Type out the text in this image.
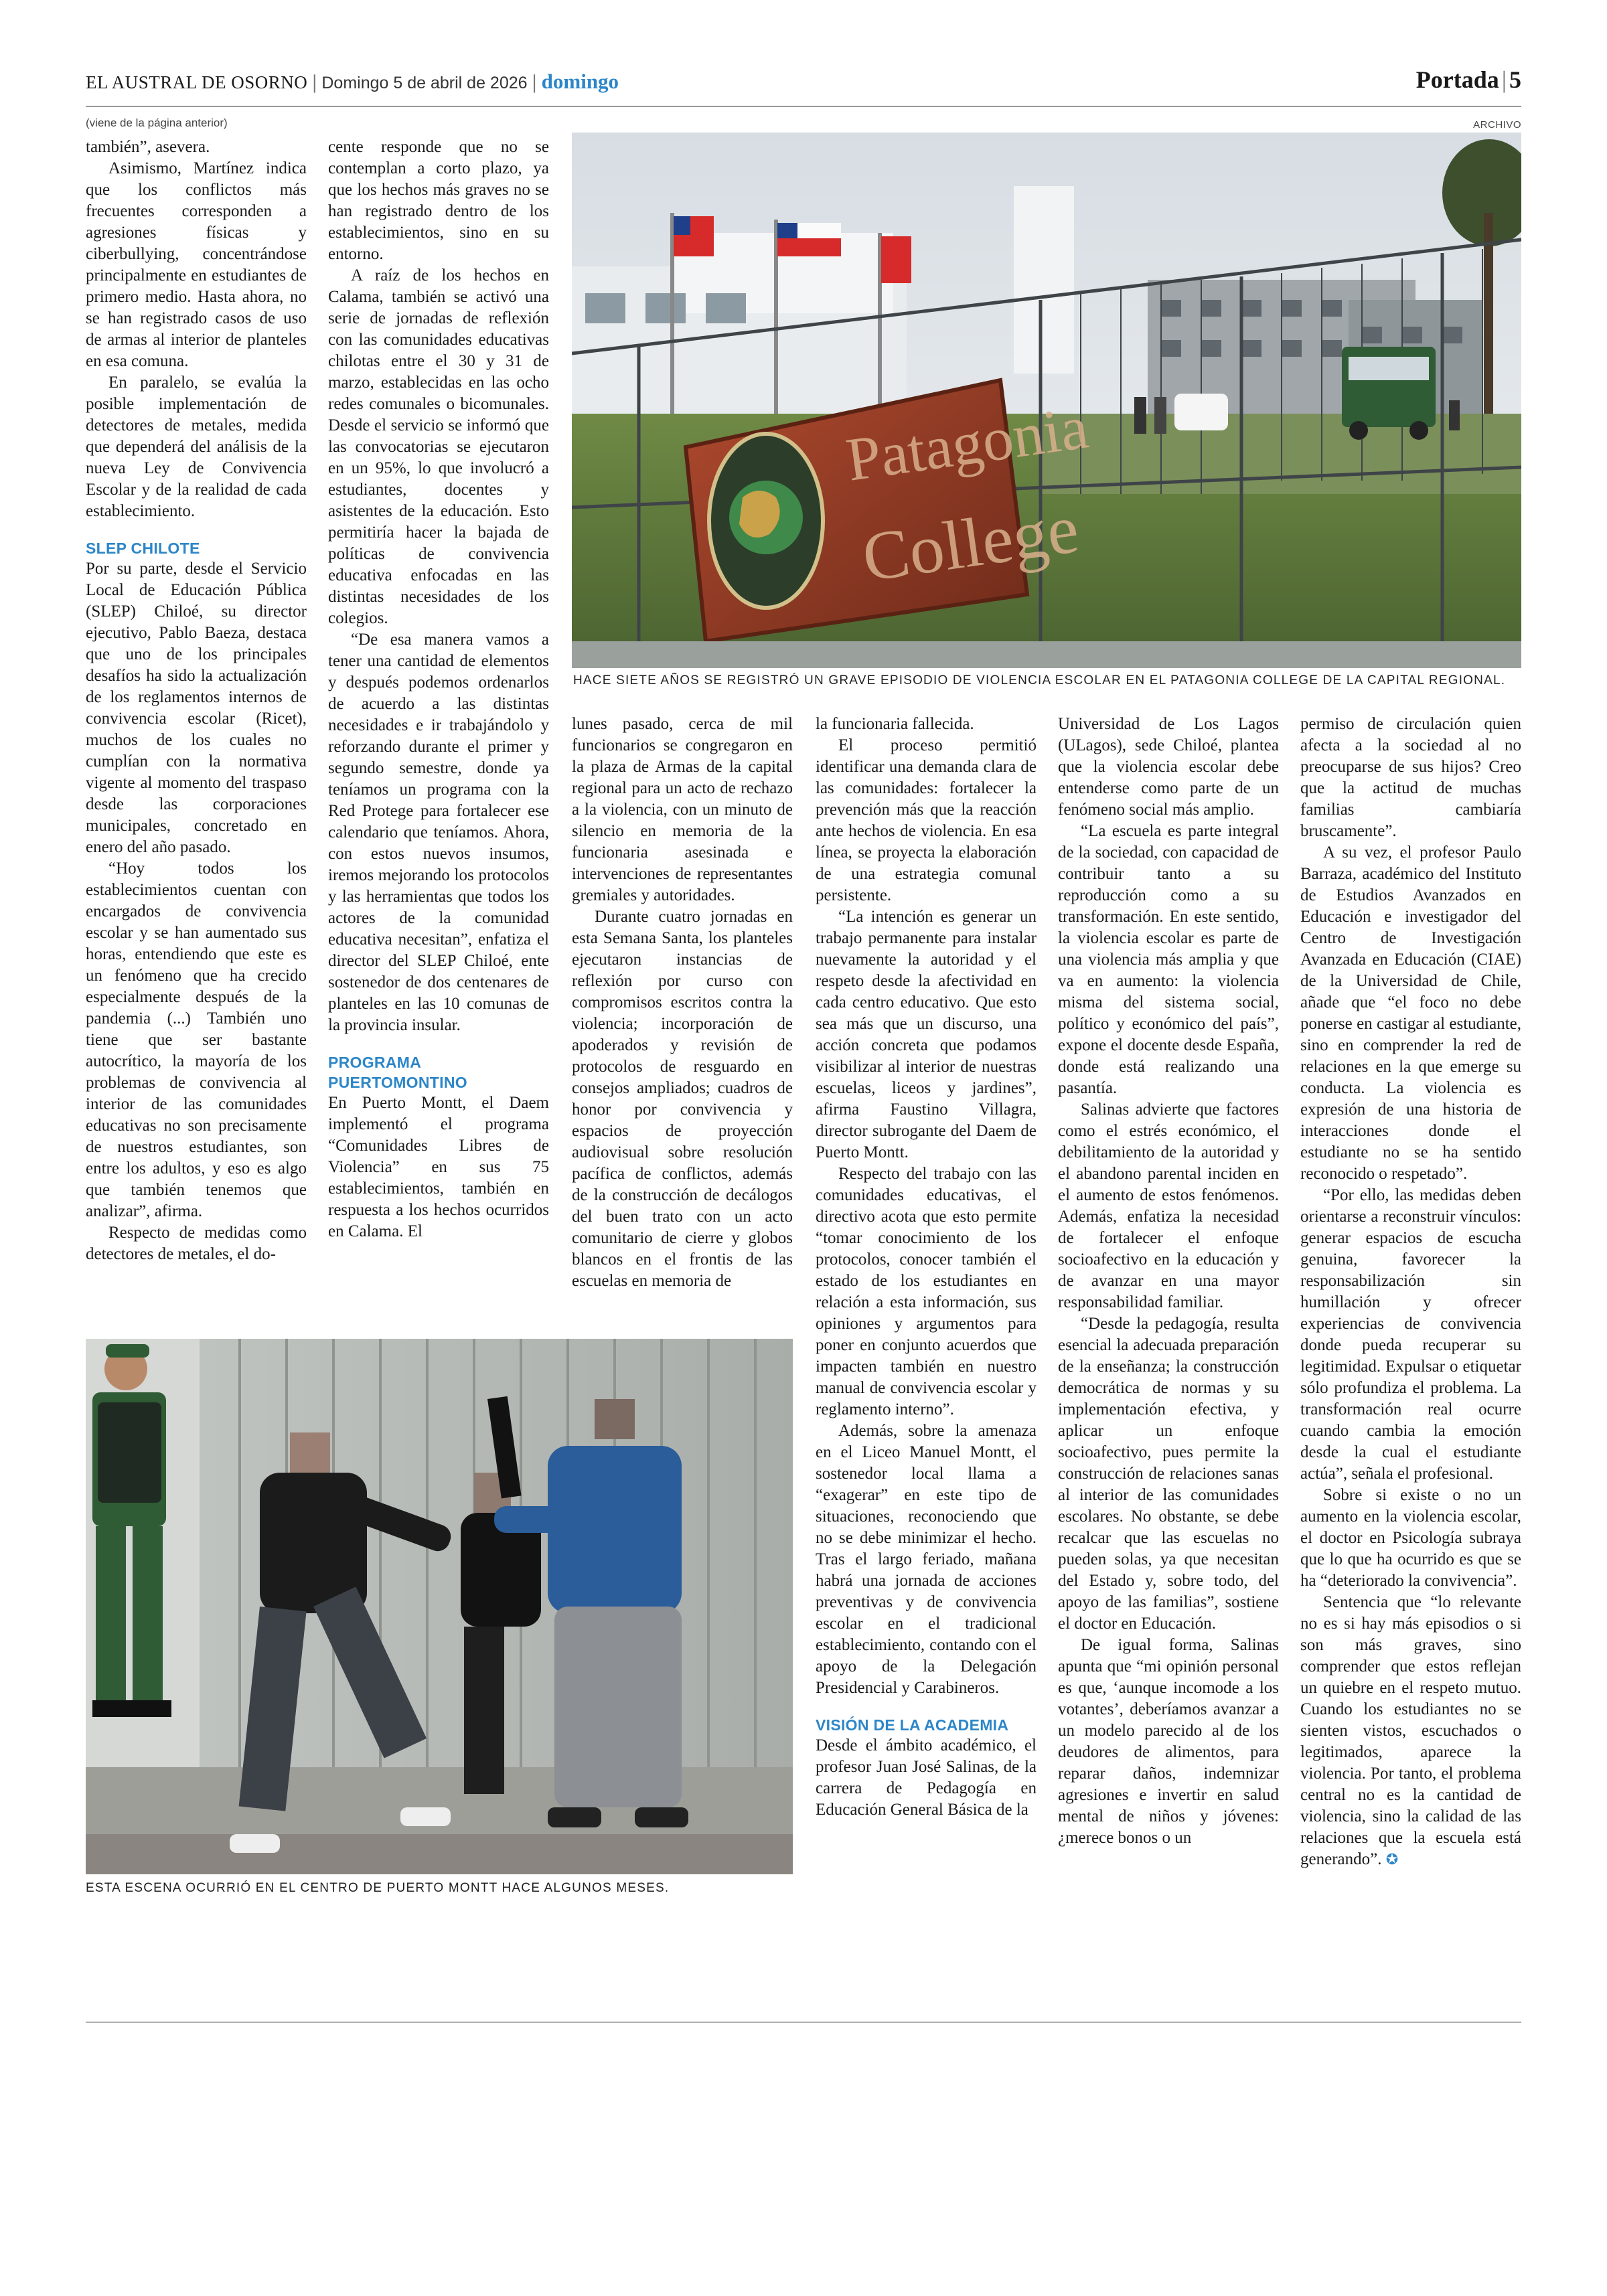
EL AUSTRAL DE OSORNO | Domingo 5 de abril de 2026 | domingo	Portada | 5
(viene de la página anterior)	ARCHIVO
Patagonia
College
HACE SIETE AÑOS SE REGISTRÓ UN GRAVE EPISODIO DE VIOLENCIA ESCOLAR EN EL PATAGONIA COLLEGE DE LA CAPITAL REGIONAL.
ESTA ESCENA OCURRIÓ EN EL CENTRO DE PUERTO MONTT HACE ALGUNOS MESES.

también”, asevera.

Asimismo, Martínez indica que los conflictos más frecuentes corresponden a agresiones físicas y ciberbullying, concentrándose principalmente en estudiantes de primero medio. Hasta ahora, no se han registrado casos de uso de armas al interior de planteles en esa comuna.

En paralelo, se evalúa la posible implementación de detectores de metales, medida que dependerá del análisis de la nueva Ley de Convivencia Escolar y de la realidad de cada establecimiento.

SLEP CHILOTE

Por su parte, desde el Servicio Local de Educación Pública (SLEP) Chiloé, su director ejecutivo, Pablo Baeza, destaca que uno de los principales desafíos ha sido la actualización de los reglamentos internos de convivencia escolar (Ricet), muchos de los cuales no cumplían con la normativa vigente al momento del traspaso desde las corporaciones municipales, concretado en enero del año pasado.

“Hoy todos los establecimientos cuentan con encargados de convivencia escolar y se han aumentado sus horas, entendiendo que este es un fenómeno que ha crecido especialmente después de la pandemia (...) También uno tiene que ser bastante autocrítico, la mayoría de los problemas de convivencia al interior de las comunidades educativas no son precisamente de nuestros estudiantes, son entre los adultos, y eso es algo que también tenemos que analizar”, afirma.

Respecto de medidas como detectores de metales, el do-

cente responde que no se contemplan a corto plazo, ya que los hechos más graves no se han registrado dentro de los establecimientos, sino en su entorno.

A raíz de los hechos en Calama, también se activó una serie de jornadas de reflexión con las comunidades educativas chilotas entre el 30 y 31 de marzo, establecidas en las ocho redes comunales o bicomunales. Desde el servicio se informó que las convocatorias se ejecutaron en un 95%, lo que involucró a estudiantes, docentes y asistentes de la educación. Esto permitiría hacer la bajada de políticas de convivencia educativa enfocadas en las distintas necesidades de los colegios.

“De esa manera vamos a tener una cantidad de elementos y después podemos ordenarlos de acuerdo a las distintas necesidades e ir trabajándolo y reforzando durante el primer y segundo semestre, donde ya teníamos un programa con la Red Protege para fortalecer ese calendario que teníamos. Ahora, con estos nuevos insumos, iremos mejorando los protocolos y las herramientas que todos los actores de la comunidad educativa necesitan”, enfatiza el director del SLEP Chiloé, ente sostenedor de dos centenares de planteles en las 10 comunas de la provincia insular.

PROGRAMA PUERTOMONTINO

En Puerto Montt, el Daem implementó el programa “Comunidades Libres de Violencia” en sus 75 establecimientos, también en respuesta a los hechos ocurridos en Calama. El

lunes pasado, cerca de mil funcionarios se congregaron en la plaza de Armas de la capital regional para un acto de rechazo a la violencia, con un minuto de silencio en memoria de la funcionaria asesinada e intervenciones de representantes gremiales y autoridades.

Durante cuatro jornadas en esta Semana Santa, los planteles ejecutaron instancias de reflexión por curso con compromisos escritos contra la violencia; incorporación de apoderados y revisión de protocolos de resguardo en consejos ampliados; cuadros de honor por convivencia y espacios de proyección audiovisual sobre resolución pacífica de conflictos, además de la construcción de decálogos del buen trato con un acto comunitario de cierre y globos blancos en el frontis de las escuelas en memoria de

la funcionaria fallecida.

El proceso permitió identificar una demanda clara de las comunidades: fortalecer la prevención más que la reacción ante hechos de violencia. En esa línea, se proyecta la elaboración de una estrategia comunal persistente.

“La intención es generar un trabajo permanente para instalar nuevamente la autoridad y el respeto desde la afectividad en cada centro educativo. Que esto sea más que un discurso, una acción concreta que podamos visibilizar al interior de nuestras escuelas, liceos y jardines”, afirma Faustino Villagra, director subrogante del Daem de Puerto Montt.

Respecto del trabajo con las comunidades educativas, el directivo acota que esto permite “tomar conocimiento de los protocolos, conocer también el estado de los estudiantes en relación a esta información, sus opiniones y argumentos para poner en conjunto acuerdos que impacten también en nuestro manual de convivencia escolar y reglamento interno”.

Además, sobre la amenaza en el Liceo Manuel Montt, el sostenedor local llama a “exagerar” en este tipo de situaciones, reconociendo que no se debe minimizar el hecho. Tras el largo feriado, mañana habrá una jornada de acciones preventivas y de convivencia escolar en el tradicional establecimiento, contando con el apoyo de la Delegación Presidencial y Carabineros.

VISIÓN DE LA ACADEMIA

Desde el ámbito académico, el profesor Juan José Salinas, de la carrera de Pedagogía en Educación General Básica de la

Universidad de Los Lagos (ULagos), sede Chiloé, plantea que la violencia escolar debe entenderse como parte de un fenómeno social más amplio.

“La escuela es parte integral de la sociedad, con capacidad de contribuir tanto a su reproducción como a su transformación. En este sentido, la violencia escolar es parte de una violencia más amplia y que va en aumento: la violencia misma del sistema social, político y económico del país”, expone el docente desde España, donde está realizando una pasantía.

Salinas advierte que factores como el estrés económico, el debilitamiento de la autoridad y el abandono parental inciden en el aumento de estos fenómenos. Además, enfatiza la necesidad de fortalecer el enfoque socioafectivo en la educación y de avanzar en una mayor responsabilidad familiar.

“Desde la pedagogía, resulta esencial la adecuada preparación de la enseñanza; la construcción democrática de normas y su implementación efectiva, y aplicar un enfoque socioafectivo, pues permite la construcción de relaciones sanas al interior de las comunidades escolares. No obstante, se debe recalcar que las escuelas no pueden solas, ya que necesitan del Estado y, sobre todo, del apoyo de las familias”, sostiene el doctor en Educación.

De igual forma, Salinas apunta que “mi opinión personal es que, ‘aunque incomode a los votantes’, deberíamos avanzar a un modelo parecido al de los deudores de alimentos, para reparar daños, indemnizar agresiones e invertir en salud mental de niños y jóvenes: ¿merece bonos o un

permiso de circulación quien afecta a la sociedad al no preocuparse de sus hijos? Creo que la actitud de muchas familias cambiaría bruscamente”.

A su vez, el profesor Paulo Barraza, académico del Instituto de Estudios Avanzados en Educación e investigador del Centro de Investigación Avanzada en Educación (CIAE) de la Universidad de Chile, añade que “el foco no debe ponerse en castigar al estudiante, sino en comprender la red de relaciones en la que emerge su conducta. La violencia es expresión de una historia de interacciones donde el estudiante no se ha sentido reconocido o respetado”.

“Por ello, las medidas deben orientarse a reconstruir vínculos: generar espacios de escucha genuina, favorecer la responsabilización sin humillación y ofrecer experiencias de convivencia donde pueda recuperar su legitimidad. Expulsar o etiquetar sólo profundiza el problema. La transformación real ocurre cuando cambia la emoción desde la cual el estudiante actúa”, señala el profesional.

Sobre si existe o no un aumento en la violencia escolar, el doctor en Psicología subraya que lo que ha ocurrido es que se ha “deteriorado la convivencia”.

Sentencia que “lo relevante no es si hay más episodios o si son más graves, sino comprender que estos reflejan un quiebre en el respeto mutuo. Cuando los estudiantes no se sienten vistos, escuchados o legitimados, aparece la violencia. Por tanto, el problema central no es la cantidad de violencia, sino la calidad de las relaciones que la escuela está generando”. ✪
